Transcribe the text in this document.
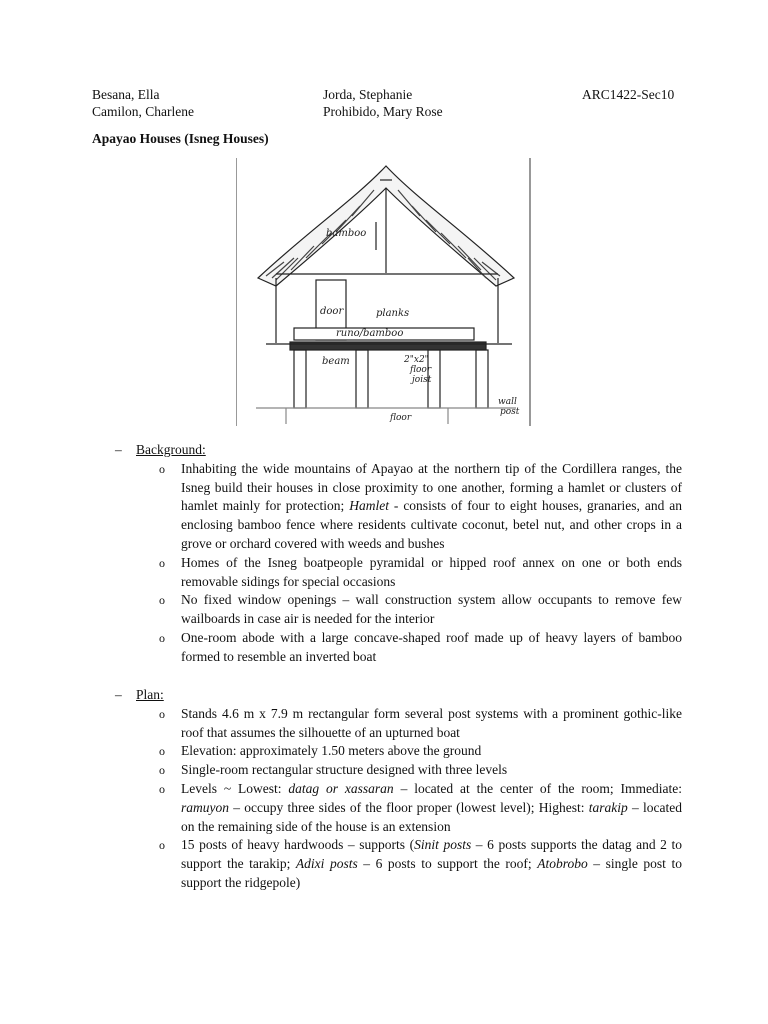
Besana, Ella
Camilon, Charlene
Jorda, Stephanie
Prohibido, Mary Rose
ARC1422-Sec10
Apayao Houses (Isneg Houses)
bamboo
door	planks
runo/bamboo
beam	2"x2"
floor
joist
floor
wall
post
– Background:
o Inhabiting the wide mountains of Apayao at the northern tip of the Cordillera ranges, the Isneg build their houses in close proximity to one another, forming a hamlet or clusters of hamlet mainly for protection; Hamlet - consists of four to eight houses, granaries, and an enclosing bamboo fence where residents cultivate coconut, betel nut, and other crops in a grove or orchard covered with weeds and bushes
o Homes of the Isneg boatpeople pyramidal or hipped roof annex on one or both ends removable sidings for special occasions
o No fixed window openings – wall construction system allow occupants to remove few wailboards in case air is needed for the interior
o One-room abode with a large concave-shaped roof made up of heavy layers of bamboo formed to resemble an inverted boat
– Plan:
o Stands 4.6 m x 7.9 m rectangular form several post systems with a prominent gothic-like roof that assumes the silhouette of an upturned boat
o Elevation: approximately 1.50 meters above the ground
o Single-room rectangular structure designed with three levels
o Levels ~ Lowest: datag or xassaran – located at the center of the room; Immediate: ramuyon – occupy three sides of the floor proper (lowest level); Highest: tarakip – located on the remaining side of the house is an extension
o 15 posts of heavy hardwoods – supports (Sinit posts – 6 posts supports the datag and 2 to support the tarakip; Adixi posts – 6 posts to support the roof; Atobrobo – single post to support the ridgepole)
